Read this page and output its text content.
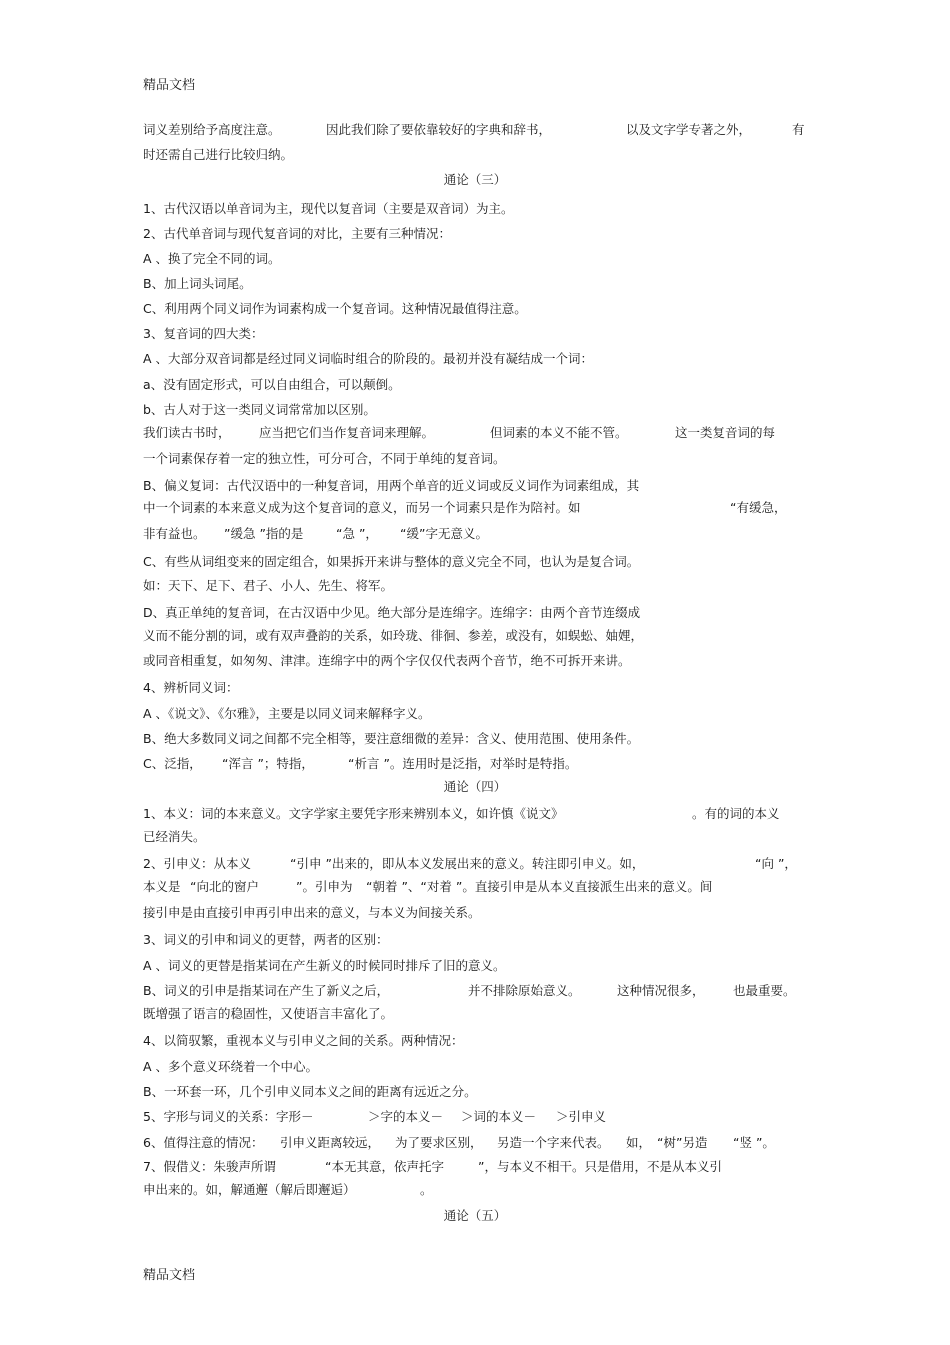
精品文档
词义差别给予高度注意。	因此我们除了要依靠较好的字典和辞书，	以及文字学专著之外，	有
时还需自己进行比较归纳。
通论（三）
1、古代汉语以单音词为主，现代以复音词（主要是双音词）为主。
2、古代单音词与现代复音词的对比，主要有三种情况：
A 、换了完全不同的词。
B、加上词头词尾。
C、利用两个同义词作为词素构成一个复音词。这种情况最值得注意。
3、复音词的四大类：
A 、大部分双音词都是经过同义词临时组合的阶段的。最初并没有凝结成一个词：
a、没有固定形式，可以自由组合，可以颠倒。
b、古人对于这一类同义词常常加以区别。
我们读古书时， 应当把它们当作复音词来理解。	但词素的本义不能不管。	这一类复音词的每
一个词素保存着一定的独立性，可分可合，不同于单纯的复音词。
B、偏义复词：古代汉语中的一种复音词，用两个单音的近义词或反义词作为词素组成，其
中一个词素的本来意义成为这个复音词的意义，而另一个词素只是作为陪衬。如	“有缓急，
非有益也。 ”缓急 ”指的是	“急 ”， “缓”字无意义。
C、有些从词组变来的固定组合，如果拆开来讲与整体的意义完全不同，也认为是复合词。
如：天下、足下、君子、小人、先生、将军。
D、真正单纯的复音词，在古汉语中少见。绝大部分是连绵字。连绵字：由两个音节连缀成
义而不能分割的词，或有双声叠韵的关系，如玲珑、徘徊、参差，或没有，如蜈蚣、妯娌，
或同音相重复，如匆匆、津津。连绵字中的两个字仅仅代表两个音节，绝不可拆开来讲。
4、辨析同义词：
A 、《说文》、《尔雅》，主要是以同义词来解释字义。
B、绝大多数同义词之间都不完全相等，要注意细微的差异：含义、使用范围、使用条件。
C、泛指， “浑言 ”；特指，	“析言 ”。连用时是泛指，对举时是特指。
通论（四）
1、本义：词的本来意义。文字学家主要凭字形来辨别本义，如许慎《说文》	。有的词的本义
已经消失。
2、引申义：从本义	“引申 ”出来的，即从本义发展出来的意义。转注即引申义。如，	“向 ”，
本义是 “向北的窗户	”。引申为 “朝着 ”、“对着 ”。直接引申是从本义直接派生出来的意义。间
接引申是由直接引申再引申出来的意义，与本义为间接关系。
3、词义的引申和词义的更替，两者的区别：
A 、词义的更替是指某词在产生新义的时候同时排斥了旧的意义。
B、词义的引申是指某词在产生了新义之后，	并不排除原始意义。	这种情况很多， 也最重要。
既增强了语言的稳固性，又使语言丰富化了。
4、以简驭繁，重视本义与引申义之间的关系。两种情况：
A 、多个意义环绕着一个中心。
B、一环套一环，几个引申义同本义之间的距离有远近之分。
5、字形与词义的关系：字形－	＞字的本义－ ＞词的本义－ ＞引申义
6、值得注意的情况： 引申义距离较远， 为了要求区别， 另造一个字来代表。 如， “树”另造 “竖 ”。
7、假借义：朱骏声所谓	“本无其意，依声托字	”，与本义不相干。只是借用，不是从本义引
申出来的。如，解通邂（解后即邂逅）	。
通论（五）
精品文档
